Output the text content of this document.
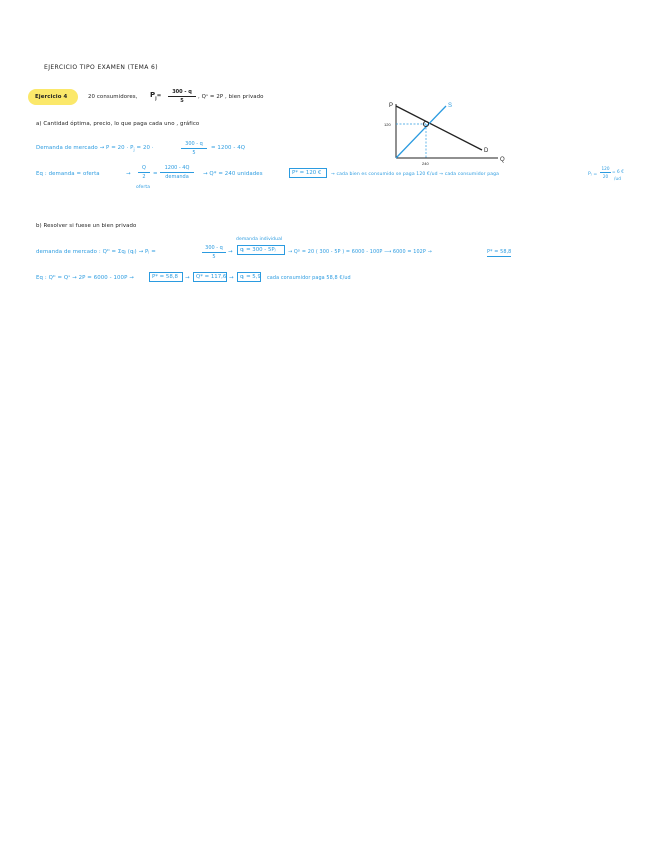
EJERCICIO TIPO EXAMEN (TEMA 6)
Ejercicio 4	20 consumidores, $P_j=$
300 - q
5
, Qˢ = 2P , bien privado
a) Cantidad óptima, precio, lo que paga cada uno , gráfico
Demanda de mercado → $P = 20 \cdot P_j = 20$ ·
300 - q
5
= 1200 - 4Q
Eq : demanda = oferta	→
Q
2	=
1200 - 4Q
demanda
oferta
→ Q* = 240 unidades	P* = 120 €	→ cada bien es consumido se paga 120 €/ud → cada consumidor paga	Pⱼ =
120
20
= 6 €
/ud
P
Q
S
D
120
240
b) Resolver si fuese un bien privado
demanda de mercado : Qᴰ = Σqⱼ (qⱼ) → Pⱼ =
300 - q
5
→
demanda individual
qⱼ = 300 - 5Pⱼ	→ Qᴰ = 20 ( 300 - 5P ) = 6000 - 100P ⟶ 6000 = 102P →	P* = 58,8
Eq : Qᴰ = Qˢ → 2P = 6000 - 100P →	P* = 58,8	→	Q* = 117,6 →	qⱼ = 5,9 cada consumidor paga 58,8 €/ud
